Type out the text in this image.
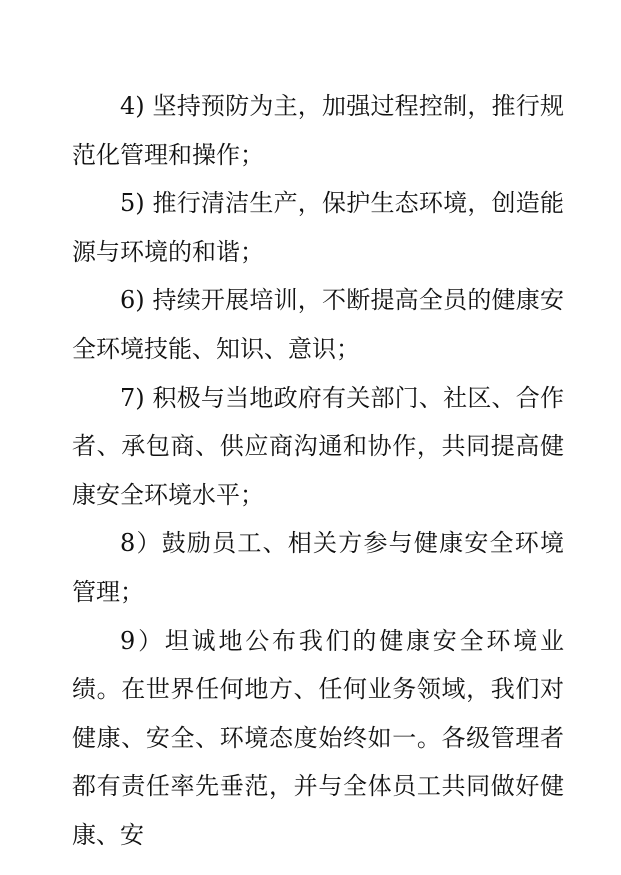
4) 坚持预防为主，加强过程控制，推行规范化管理和操作；

5) 推行清洁生产，保护生态环境，创造能源与环境的和谐；

6) 持续开展培训，不断提高全员的健康安全环境技能、知识、意识；

7) 积极与当地政府有关部门、社区、合作者、承包商、供应商沟通和协作，共同提高健康安全环境水平；

8）鼓励员工、相关方参与健康安全环境管理；

9）坦诚地公布我们的健康安全环境业绩。在世界任何地方、任何业务领域，我们对健康、安全、环境态度始终如一。各级管理者都有责任率先垂范，并与全体员工共同做好健康、安
